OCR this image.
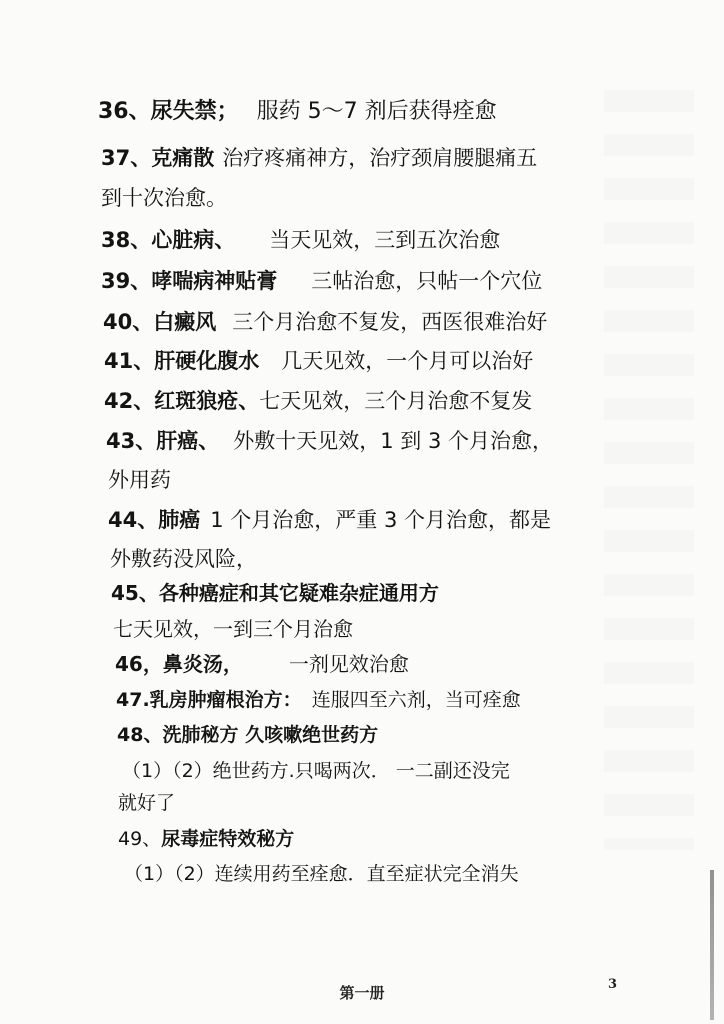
36、尿失禁； 服药 5～7 剂后获得痊愈
37、克痛散 治疗疼痛神方，治疗颈肩腰腿痛五
到十次治愈。
38、心脏病、 当天见效，三到五次治愈
39、哮喘病神贴膏 三帖治愈，只帖一个穴位
40、白癜风 三个月治愈不复发，西医很难治好
41、肝硬化腹水 几天见效，一个月可以治好
42、红斑狼疮、七天见效，三个月治愈不复发
43、肝癌、 外敷十天见效，1 到 3 个月治愈，
外用药
44、肺癌 1 个月治愈，严重 3 个月治愈，都是
外敷药没风险，
45、各种癌症和其它疑难杂症通用方
七天见效，一到三个月治愈
46，鼻炎汤， 一剂见效治愈
47.乳房肿瘤根治方： 连服四至六剂，当可痊愈
48、洗肺秘方 久咳嗽绝世药方
（1）（2）绝世药方.只喝两次． 一二副还没完
就好了
49、尿毒症特效秘方
（1）（2）连续用药至痊愈．直至症状完全消失
第一册	3
